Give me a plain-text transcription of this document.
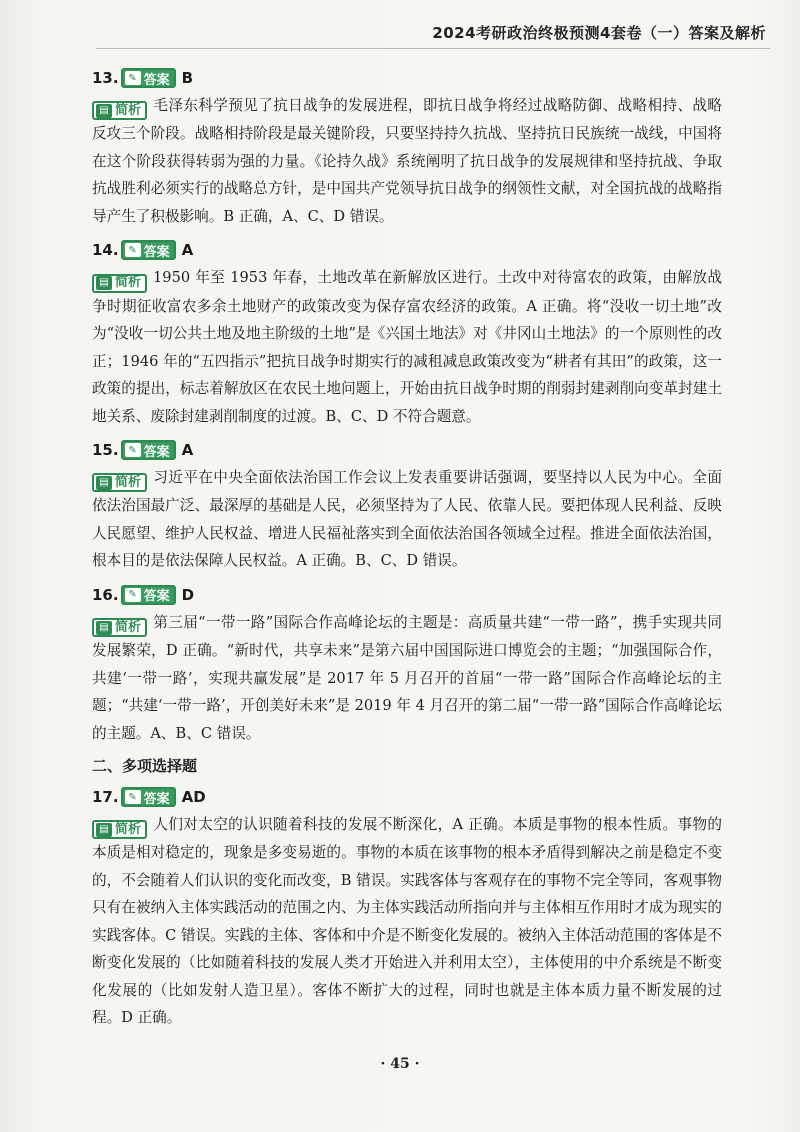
2024考研政治终极预测4套卷（一）答案及解析
13. ✎ 答案 B
▤ 简析 毛泽东科学预见了抗日战争的发展进程，即抗日战争将经过战略防御、战略相持、战略反攻三个阶段。战略相持阶段是最关键阶段，只要坚持持久抗战、坚持抗日民族统一战线，中国将在这个阶段获得转弱为强的力量。《论持久战》系统阐明了抗日战争的发展规律和坚持抗战、争取抗战胜利必须实行的战略总方针，是中国共产党领导抗日战争的纲领性文献，对全国抗战的战略指导产生了积极影响。B 正确，A、C、D 错误。
14. ✎ 答案 A
▤ 简析 1950 年至 1953 年春，土地改革在新解放区进行。土改中对待富农的政策，由解放战争时期征收富农多余土地财产的政策改变为保存富农经济的政策。A 正确。将“没收一切土地”改为“没收一切公共土地及地主阶级的土地”是《兴国土地法》对《井冈山土地法》的一个原则性的改正；1946 年的“五四指示”把抗日战争时期实行的减租减息政策改变为“耕者有其田”的政策，这一政策的提出，标志着解放区在农民土地问题上，开始由抗日战争时期的削弱封建剥削向变革封建土地关系、废除封建剥削制度的过渡。B、C、D 不符合题意。
15. ✎ 答案 A
▤ 简析 习近平在中央全面依法治国工作会议上发表重要讲话强调，要坚持以人民为中心。全面依法治国最广泛、最深厚的基础是人民，必须坚持为了人民、依靠人民。要把体现人民利益、反映人民愿望、维护人民权益、增进人民福祉落实到全面依法治国各领域全过程。推进全面依法治国，根本目的是依法保障人民权益。A 正确。B、C、D 错误。
16. ✎ 答案 D
▤ 简析 第三届“一带一路”国际合作高峰论坛的主题是：高质量共建“一带一路”，携手实现共同发展繁荣，D 正确。“新时代，共享未来”是第六届中国国际进口博览会的主题；“加强国际合作，共建‘一带一路’，实现共赢发展”是 2017 年 5 月召开的首届“一带一路”国际合作高峰论坛的主题；“共建‘一带一路’，开创美好未来”是 2019 年 4 月召开的第二届“一带一路”国际合作高峰论坛的主题。A、B、C 错误。
二、多项选择题
17. ✎ 答案 AD
▤ 简析 人们对太空的认识随着科技的发展不断深化，A 正确。本质是事物的根本性质。事物的本质是相对稳定的，现象是多变易逝的。事物的本质在该事物的根本矛盾得到解决之前是稳定不变的，不会随着人们认识的变化而改变，B 错误。实践客体与客观存在的事物不完全等同，客观事物只有在被纳入主体实践活动的范围之内、为主体实践活动所指向并与主体相互作用时才成为现实的实践客体。C 错误。实践的主体、客体和中介是不断变化发展的。被纳入主体活动范围的客体是不断变化发展的（比如随着科技的发展人类才开始进入并利用太空），主体使用的中介系统是不断变化发展的（比如发射人造卫星）。客体不断扩大的过程，同时也就是主体本质力量不断发展的过程。D 正确。
· 45 ·
